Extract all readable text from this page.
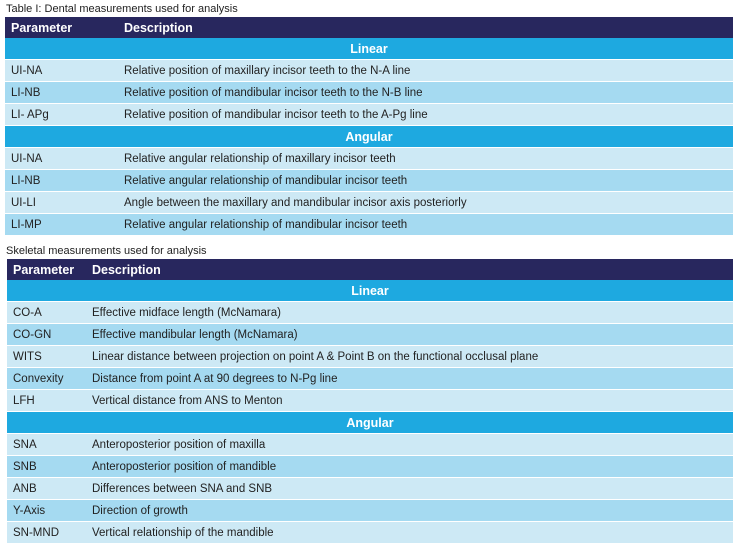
Table I: Dental measurements used for analysis
Parameter	Description
Linear	
UI-NA	Relative position of maxillary incisor teeth to the N-A line
LI-NB	Relative position of mandibular incisor teeth to the N-B line
LI- APg	Relative position of mandibular incisor teeth to the A-Pg line
Angular	
UI-NA	Relative angular relationship of maxillary incisor teeth
LI-NB	Relative angular relationship of mandibular incisor teeth
UI-LI	Angle between the maxillary and mandibular incisor axis posteriorly
LI-MP	Relative angular relationship of mandibular incisor teeth
Skeletal measurements used for analysis
Parameter	Description
Linear	
CO-A	Effective midface length (McNamara)
CO-GN	Effective mandibular length (McNamara)
WITS	Linear distance between projection on point A & Point B on the functional occlusal plane
Convexity	Distance from point A at 90 degrees to N-Pg line
LFH	Vertical distance from ANS to Menton
Angular	
SNA	Anteroposterior position of maxilla
SNB	Anteroposterior position of mandible
ANB	Differences between SNA and SNB
Y-Axis	Direction of growth
SN-MND	Vertical relationship of the mandible
